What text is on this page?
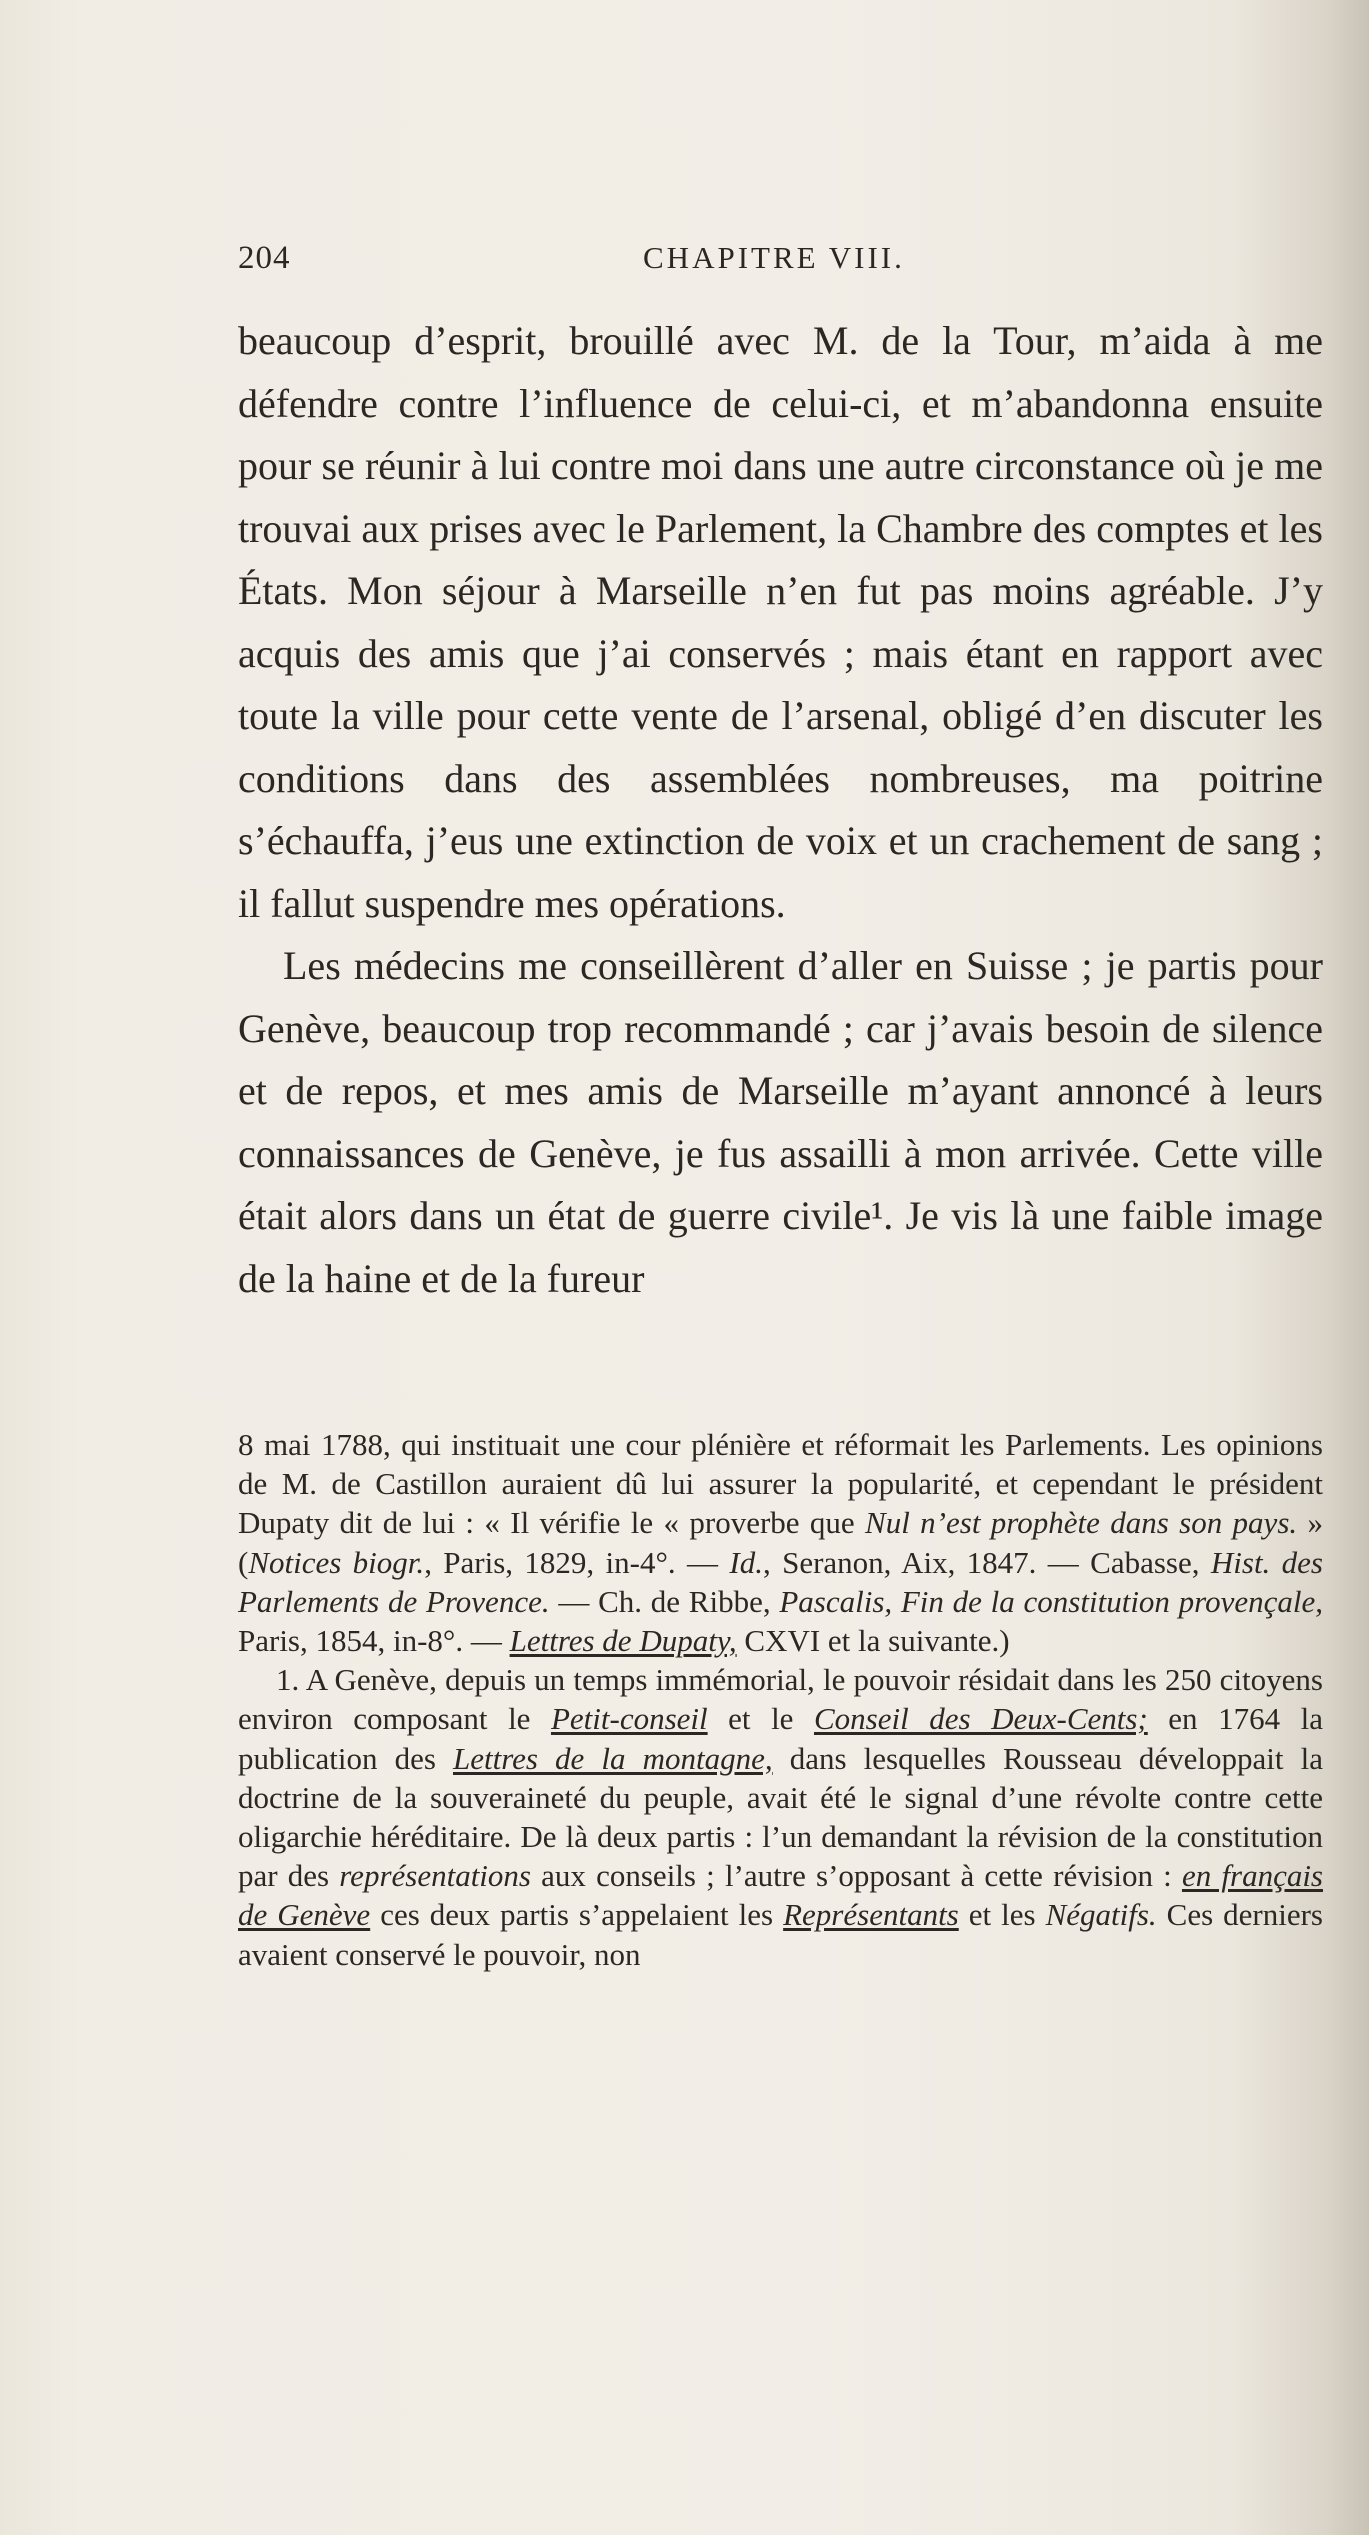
204	CHAPITRE VIII.

beaucoup d’esprit, brouillé avec M. de la Tour, m’aida à me défendre contre l’influence de celui-ci, et m’abandonna ensuite pour se réunir à lui contre moi dans une autre circonstance où je me trouvai aux prises avec le Parlement, la Chambre des comptes et les États. Mon séjour à Marseille n’en fut pas moins agréable. J’y acquis des amis que j’ai conservés ; mais étant en rapport avec toute la ville pour cette vente de l’arsenal, obligé d’en discuter les conditions dans des assemblées nombreuses, ma poitrine s’échauffa, j’eus une extinction de voix et un crachement de sang ; il fallut suspendre mes opérations.

Les médecins me conseillèrent d’aller en Suisse ; je partis pour Genève, beaucoup trop recommandé ; car j’avais besoin de silence et de repos, et mes amis de Marseille m’ayant annoncé à leurs connaissances de Genève, je fus assailli à mon arrivée. Cette ville était alors dans un état de guerre civile¹. Je vis là une faible image de la haine et de la fureur

8 mai 1788, qui instituait une cour plénière et réformait les Parlements. Les opinions de M. de Castillon auraient dû lui assurer la popularité, et cependant le président Dupaty dit de lui : « Il vérifie le « proverbe que Nul n’est prophète dans son pays. » (Notices biogr., Paris, 1829, in-4°. — Id., Seranon, Aix, 1847. — Cabasse, Hist. des Parlements de Provence. — Ch. de Ribbe, Pascalis, Fin de la constitution provençale, Paris, 1854, in-8°. — Lettres de Dupaty, CXVI et la suivante.)

1. A Genève, depuis un temps immémorial, le pouvoir résidait dans les 250 citoyens environ composant le Petit-conseil et le Conseil des Deux-Cents; en 1764 la publication des Lettres de la montagne, dans lesquelles Rousseau développait la doctrine de la souveraineté du peuple, avait été le signal d’une révolte contre cette oligarchie héréditaire. De là deux partis : l’un demandant la révision de la constitution par des représentations aux conseils ; l’autre s’opposant à cette révision : en français de Genève ces deux partis s’appelaient les Représentants et les Négatifs. Ces derniers avaient conservé le pouvoir, non
